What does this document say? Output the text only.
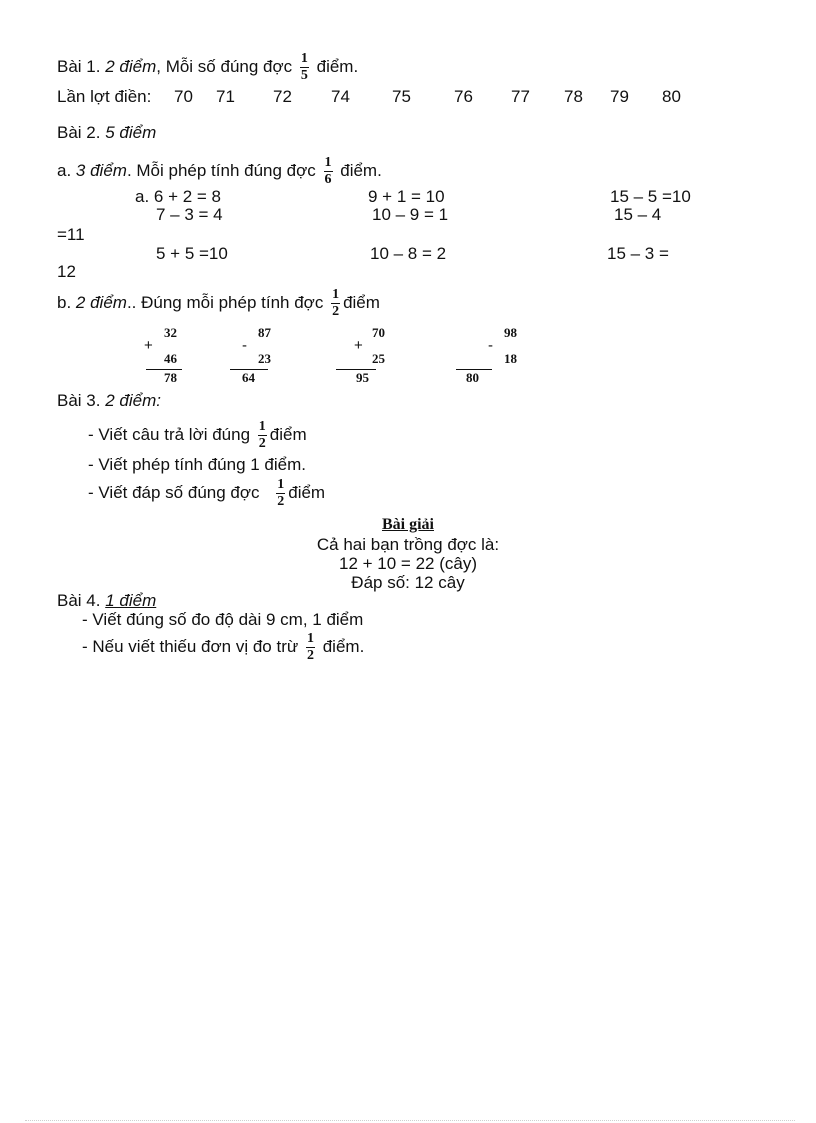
Bài 1. 2 điểm, Mỗi số đúng đợc $\frac{1}{5}$ điểm.
Lần lợt điền: 70 71 72 74 75	76 77 78 79 80
Bài 2. 5 điểm
a. 3 điểm. Mỗi phép tính đúng đợc $\frac{1}{6}$ điểm.
a. 6 + 2 = 8	9 + 1 = 10	15 – 5 =10
7 – 3 = 4	10 – 9 = 1	15 – 4
=11
5 + 5 =10	10 – 8 = 2	15 – 3 =
12
b. 2 điểm.. Đúng mỗi phép tính đợc $\frac{1}{2}$ điểm
32
+
46
78
87
-
23
64
70
+
25
95
98
-
18
80
Bài 3. 2 điểm:
- Viết câu trả lời đúng $\frac{1}{2}$ điểm
- Viết phép tính đúng 1 điểm.
- Viết đáp số đúng đợc $\frac{1}{2}$ điểm
Bài giải
Cả hai bạn trồng đợc là:
12 + 10 = 22 (cây)
Đáp số: 12 cây
Bài 4. 1 điểm
- Viết đúng số đo độ dài 9 cm, 1 điểm
- Nếu viết thiếu đơn vị đo trừ $\frac{1}{2}$ điểm.
